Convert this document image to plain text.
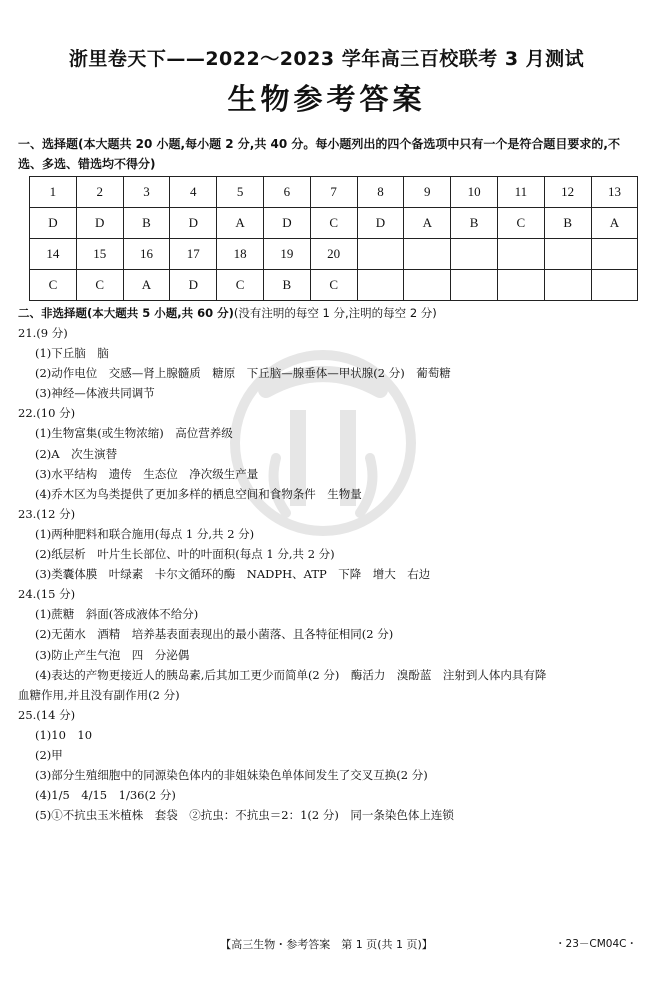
浙里卷天下——2022～2023 学年高三百校联考 3 月测试
生物参考答案
一、选择题(本大题共 20 小题,每小题 2 分,共 40 分。每小题列出的四个备选项中只有一个是符合题目要求的,不选、多选、错选均不得分)
1	2	3	4	5	6	7	8	9	10	11	12	13
D	D	B	D	A	D	C	D	A	B	C	B	A
14	15	16	17	18	19	20						
C	C	A	D	C	B	C						
二、非选择题(本大题共 5 小题,共 60 分)(没有注明的每空 1 分,注明的每空 2 分)
21.(9 分)
(1)下丘脑　脑
(2)动作电位　交感—肾上腺髓质　糖原　下丘脑—腺垂体—甲状腺(2 分)　葡萄糖
(3)神经—体液共同调节
22.(10 分)
(1)生物富集(或生物浓缩)　高位营养级
(2)A　次生演替
(3)水平结构　遗传　生态位　净次级生产量
(4)乔木区为鸟类提供了更加多样的栖息空间和食物条件　生物量
23.(12 分)
(1)两种肥料和联合施用(每点 1 分,共 2 分)
(2)纸层析　叶片生长部位、叶的叶面积(每点 1 分,共 2 分)
(3)类囊体膜　叶绿素　卡尔文循环的酶　NADPH、ATP　下降　增大　右边
24.(15 分)
(1)蔗糖　斜面(答成液体不给分)
(2)无菌水　酒精　培养基表面表现出的最小菌落、且各特征相同(2 分)
(3)防止产生气泡　四　分泌偶
(4)表达的产物更接近人的胰岛素,后其加工更少而简单(2 分)　酶活力　溴酚蓝　注射到人体内具有降
血糖作用,并且没有副作用(2 分)
25.(14 分)
(1)10　10
(2)甲
(3)部分生殖细胞中的同源染色体内的非姐妹染色单体间发生了交叉互换(2 分)
(4)1/5　4/15　1/36(2 分)
(5)①不抗虫玉米植株　套袋　②抗虫：不抗虫＝2：1(2 分)　同一条染色体上连锁
【高三生物・参考答案　第 1 页(共 1 页)】	・23－CM04C・
